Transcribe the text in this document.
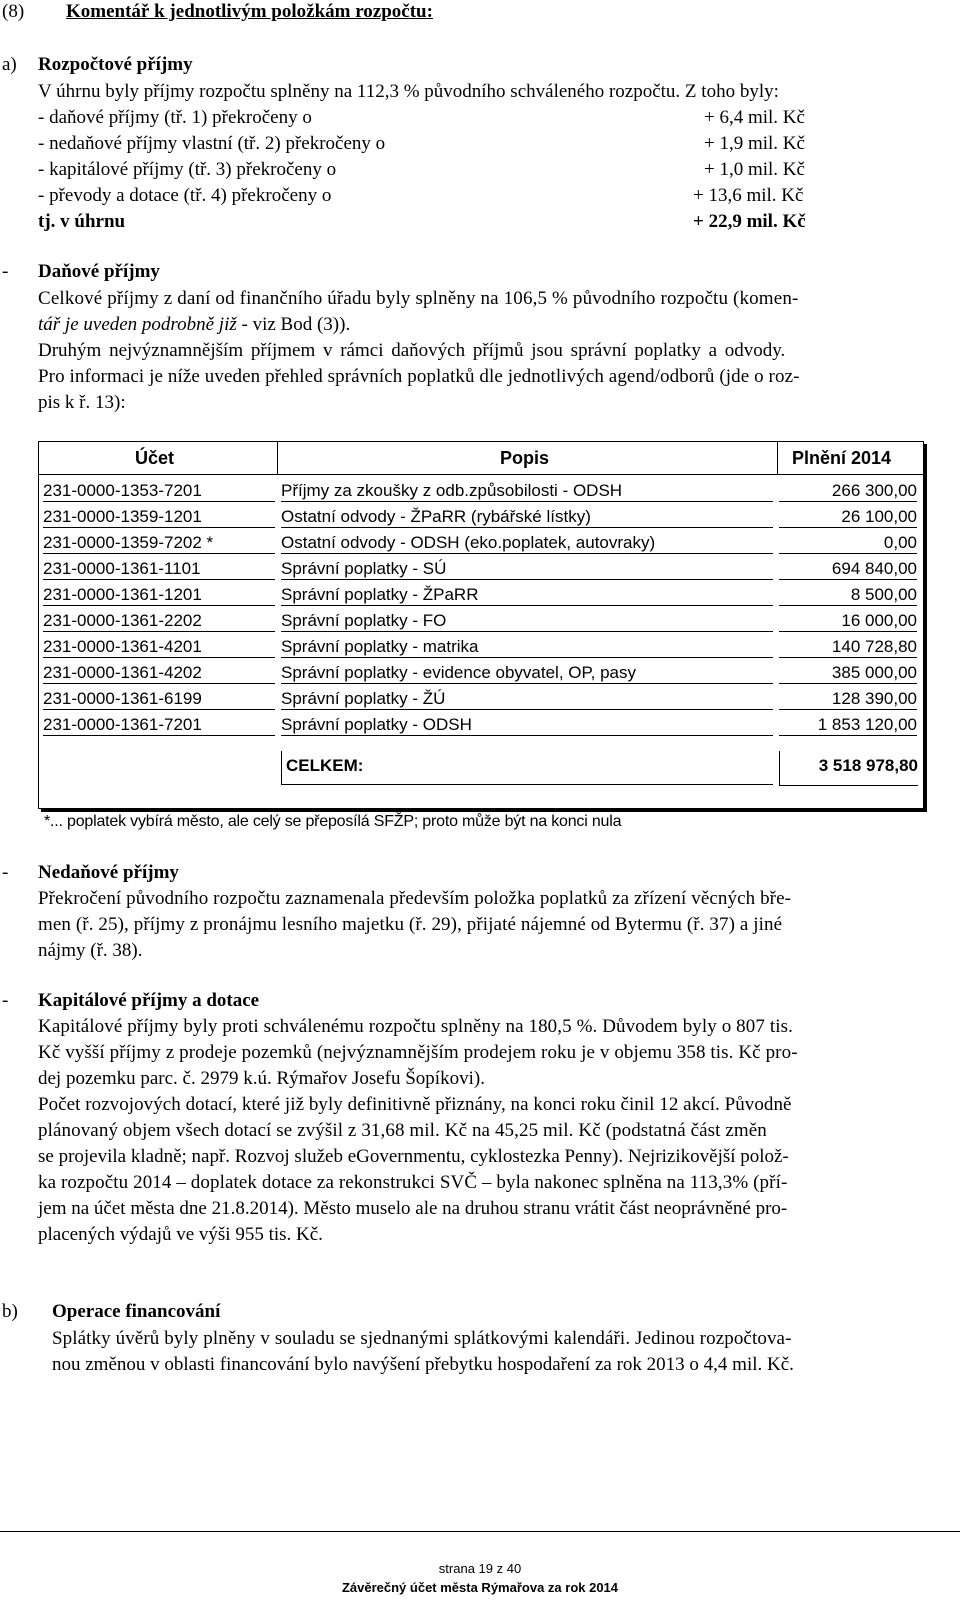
(8) Komentář k jednotlivým položkám rozpočtu:
a) Rozpočtové příjmy
V úhrnu byly příjmy rozpočtu splněny na 112,3 % původního schváleného rozpočtu. Z toho byly:
- daňové příjmy (tř. 1) překročeny o	+ 6,4 mil. Kč
- nedaňové příjmy vlastní (tř. 2) překročeny o	+ 1,9 mil. Kč
- kapitálové příjmy (tř. 3) překročeny o	+ 1,0 mil. Kč
- převody a dotace (tř. 4) překročeny o	+ 13,6 mil. Kč
tj. v úhrnu	+ 22,9 mil. Kč
- Daňové příjmy
Celkové příjmy z daní od finančního úřadu byly splněny na 106,5 % původního rozpočtu (komen-
tář je uveden podrobně již - viz Bod (3)).
Druhým nejvýznamnějším příjmem v rámci daňových příjmů jsou správní poplatky a odvody.
Pro informaci je níže uveden přehled správních poplatků dle jednotlivých agend/odborů (jde o roz-
pis k ř. 13):
Účet	Popis	Plnění 2014
231-0000-1353-7201	Příjmy za zkoušky z odb.způsobilosti - ODSH	266 300,00
231-0000-1359-1201	Ostatní odvody - ŽPaRR (rybářské lístky)	26 100,00
231-0000-1359-7202 *	Ostatní odvody - ODSH (eko.poplatek, autovraky)	0,00
231-0000-1361-1101	Správní poplatky - SÚ	694 840,00
231-0000-1361-1201	Správní poplatky - ŽPaRR	8 500,00
231-0000-1361-2202	Správní poplatky - FO	16 000,00
231-0000-1361-4201	Správní poplatky - matrika	140 728,80
231-0000-1361-4202	Správní poplatky - evidence obyvatel, OP, pasy	385 000,00
231-0000-1361-6199	Správní poplatky - ŽÚ	128 390,00
231-0000-1361-7201	Správní poplatky - ODSH	1 853 120,00
CELKEM:	3 518 978,80
*... poplatek vybírá město, ale celý se přeposílá SFŽP; proto může být na konci nula
- Nedaňové příjmy
Překročení původního rozpočtu zaznamenala především položka poplatků za zřízení věcných bře-
men (ř. 25), příjmy z pronájmu lesního majetku (ř. 29), přijaté nájemné od Bytermu (ř. 37) a jiné
nájmy (ř. 38).
- Kapitálové příjmy a dotace
Kapitálové příjmy byly proti schválenému rozpočtu splněny na 180,5 %. Důvodem byly o 807 tis.
Kč vyšší příjmy z prodeje pozemků (nejvýznamnějším prodejem roku je v objemu 358 tis. Kč pro-
dej pozemku parc. č. 2979 k.ú. Rýmařov Josefu Šopíkovi).
Počet rozvojových dotací, které již byly definitivně přiznány, na konci roku činil 12 akcí. Původně
plánovaný objem všech dotací se zvýšil z 31,68 mil. Kč na 45,25 mil. Kč (podstatná část změn
se projevila kladně; např. Rozvoj služeb eGovernmentu, cyklostezka Penny). Nejrizikovější polož-
ka rozpočtu 2014 – doplatek dotace za rekonstrukci SVČ – byla nakonec splněna na 113,3% (pří-
jem na účet města dne 21.8.2014). Město muselo ale na druhou stranu vrátit část neoprávněné pro-
placených výdajů ve výši 955 tis. Kč.
b) Operace financování
Splátky úvěrů byly plněny v souladu se sjednanými splátkovými kalendáři. Jedinou rozpočtova-
nou změnou v oblasti financování bylo navýšení přebytku hospodaření za rok 2013 o 4,4 mil. Kč.
strana 19 z 40
Závěrečný účet města Rýmařova za rok 2014
